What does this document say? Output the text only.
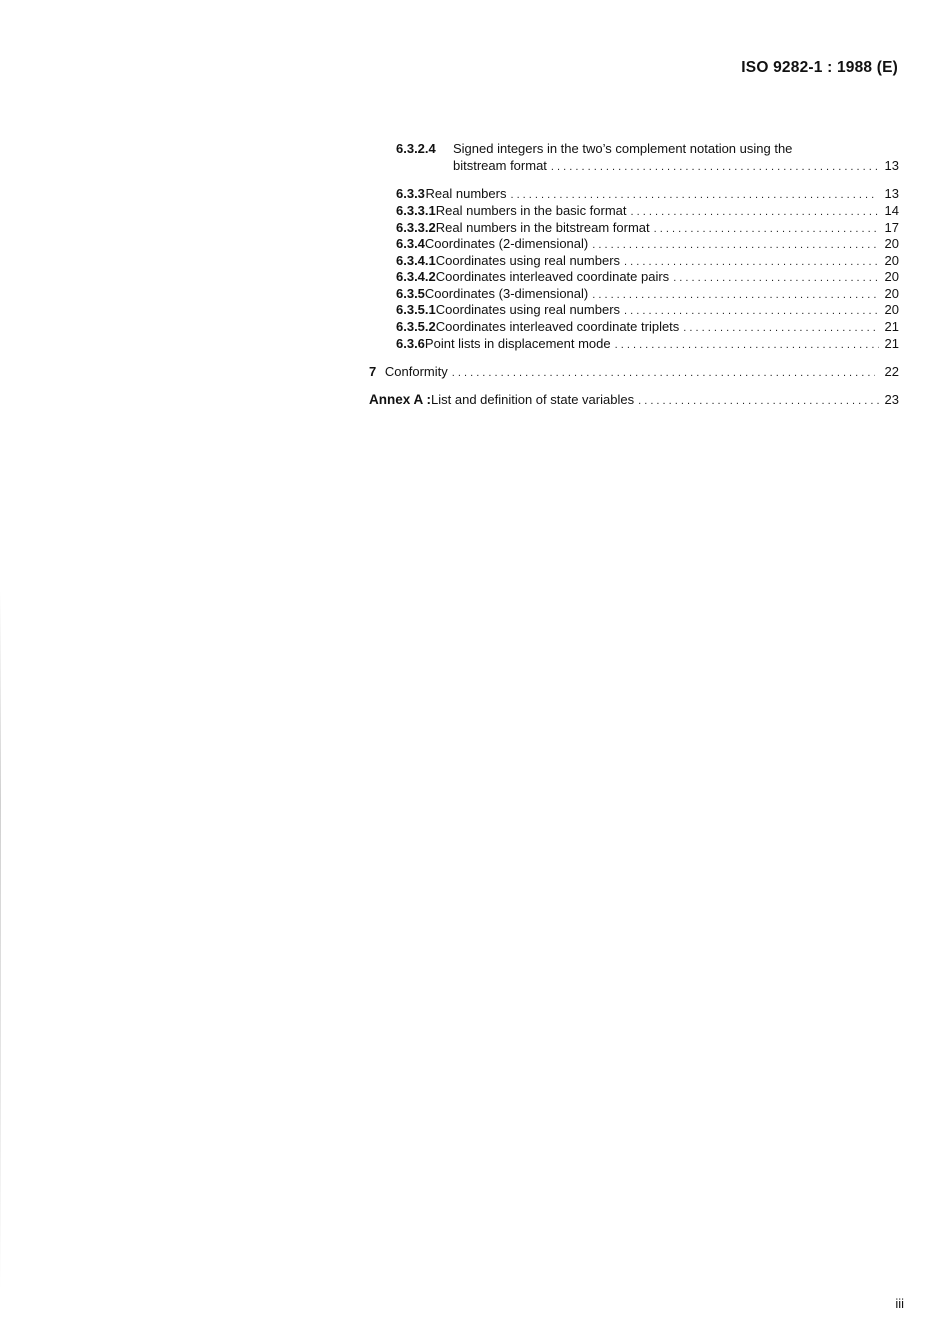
ISO 9282-1 : 1988 (E)
6.3.2.4 Signed integers in the two’s complement notation using the
bitstream format . . .	13
6.3.3 Real numbers . . .	13
6.3.3.1 Real numbers in the basic format . . .	14
6.3.3.2 Real numbers in the bitstream format . . .	17
6.3.4 Coordinates (2-dimensional) . . .	20
6.3.4.1 Coordinates using real numbers . . .	20
6.3.4.2 Coordinates interleaved coordinate pairs . . .	20
6.3.5 Coordinates (3-dimensional) . . .	20
6.3.5.1 Coordinates using real numbers . . .	20
6.3.5.2 Coordinates interleaved coordinate triplets . . .	21
6.3.6 Point lists in displacement mode . . .	21
7 Conformity . . .	22
Annex A : List and definition of state variables . . .	23
iii
